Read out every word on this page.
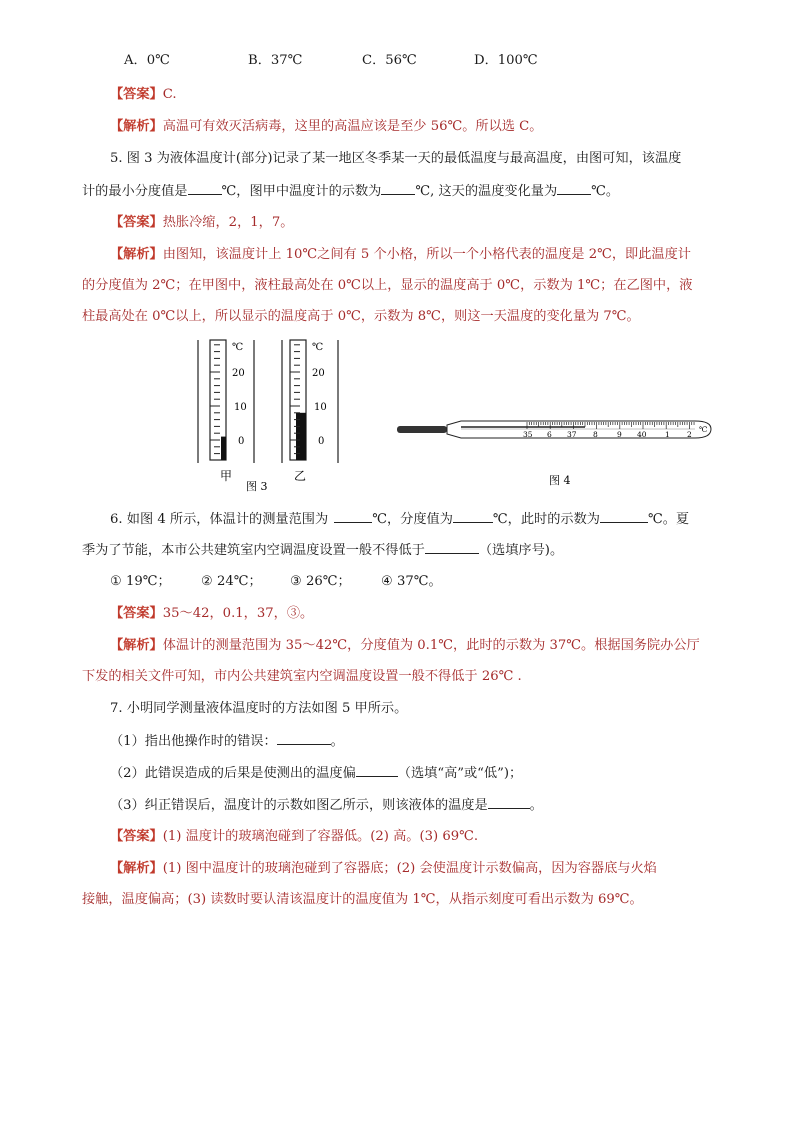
A．0℃	B．37℃	C．56℃	D．100℃
【答案】C.
【解析】高温可有效灭活病毒，这里的高温应该是至少 56℃。所以选 C。
5. 图 3 为液体温度计(部分)记录了某一地区冬季某一天的最低温度与最高温度，由图可知，该温度
计的最小分度值是	℃，图甲中温度计的示数为	℃, 这天的温度变化量为	℃。
【答案】热胀冷缩，2，1，7。
【解析】由图知，该温度计上 10℃之间有 5 个小格，所以一个小格代表的温度是 2℃，即此温度计
的分度值为 2℃；在甲图中，液柱最高处在 0℃以上，显示的温度高于 0℃，示数为 1℃；在乙图中，液
柱最高处在 0℃以上，所以显示的温度高于 0℃，示数为 8℃，则这一天温度的变化量为 7℃。
℃
20
10
0
甲
℃
20
10
0
乙
图 3
35 6 37 8	9 40 1 2
℃
图 4
6. 如图 4 所示，体温计的测量范围为	℃，分度值为	℃，此时的示数为	℃。夏
季为了节能，本市公共建筑室内空调温度设置一般不得低于	（选填序号)。
① 19℃； ② 24℃； ③ 26℃； ④ 37℃。
【答案】35～42，0.1，37，③。
【解析】体温计的测量范围为 35～42℃，分度值为 0.1℃，此时的示数为 37℃。根据国务院办公厅
下发的相关文件可知，市内公共建筑室内空调温度设置一般不得低于 26℃ .
7. 小明同学测量液体温度时的方法如图 5 甲所示。
（1）指出他操作时的错误：	。
（2）此错误造成的后果是使测出的温度偏	（选填“高”或“低”)；
（3）纠正错误后，温度计的示数如图乙所示，则该液体的温度是	。
【答案】(1) 温度计的玻璃泡碰到了容器低。(2) 高。(3) 69℃.
【解析】(1) 图中温度计的玻璃泡碰到了容器底；(2) 会使温度计示数偏高，因为容器底与火焰
接触，温度偏高；(3) 读数时要认清该温度计的温度值为 1℃，从指示刻度可看出示数为 69℃。
